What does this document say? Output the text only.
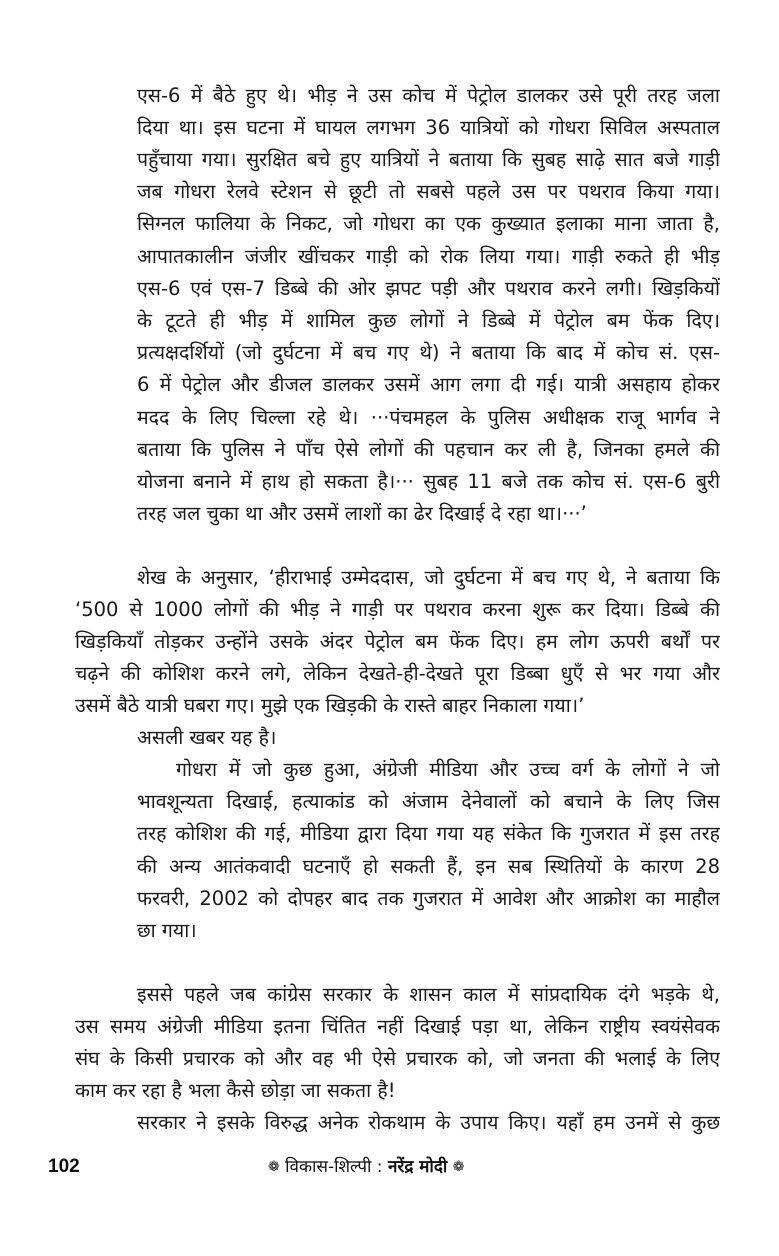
एस-6 में बैठे हुए थे। भीड़ ने उस कोच में पेट्रोल डालकर उसे पूरी तरह जला
दिया था। इस घटना में घायल लगभग 36 यात्रियों को गोधरा सिविल अस्पताल
पहुँचाया गया। सुरक्षित बचे हुए यात्रियों ने बताया कि सुबह साढ़े सात बजे गाड़ी
जब गोधरा रेलवे स्टेशन से छूटी तो सबसे पहले उस पर पथराव किया गया।
सिग्नल फालिया के निकट, जो गोधरा का एक कुख्यात इलाका माना जाता है,
आपातकालीन जंजीर खींचकर गाड़ी को रोक लिया गया। गाड़ी रुकते ही भीड़
एस-6 एवं एस-7 डिब्बे की ओर झपट पड़ी और पथराव करने लगी। खिड़कियों
के टूटते ही भीड़ में शामिल कुछ लोगों ने डिब्बे में पेट्रोल बम फेंक दिए।
प्रत्यक्षदर्शियों (जो दुर्घटना में बच गए थे) ने बताया कि बाद में कोच सं. एस-
6 में पेट्रोल और डीजल डालकर उसमें आग लगा दी गई। यात्री असहाय होकर
मदद के लिए चिल्ला रहे थे। ···पंचमहल के पुलिस अधीक्षक राजू भार्गव ने
बताया कि पुलिस ने पाँच ऐसे लोगों की पहचान कर ली है, जिनका हमले की
योजना बनाने में हाथ हो सकता है।··· सुबह 11 बजे तक कोच सं. एस-6 बुरी
तरह जल चुका था और उसमें लाशों का ढेर दिखाई दे रहा था।···’
शेख के अनुसार, ‘हीराभाई उम्मेददास, जो दुर्घटना में बच गए थे, ने बताया कि
‘500 से 1000 लोगों की भीड़ ने गाड़ी पर पथराव करना शुरू कर दिया। डिब्बे की
खिड़कियाँ तोड़कर उन्होंने उसके अंदर पेट्रोल बम फेंक दिए। हम लोग ऊपरी बर्थों पर
चढ़ने की कोशिश करने लगे, लेकिन देखते-ही-देखते पूरा डिब्बा धुएँ से भर गया और
उसमें बैठे यात्री घबरा गए। मुझे एक खिड़की के रास्ते बाहर निकाला गया।’
असली खबर यह है।
गोधरा में जो कुछ हुआ, अंग्रेजी मीडिया और उच्च वर्ग के लोगों ने जो
भावशून्यता दिखाई, हत्याकांड को अंजाम देनेवालों को बचाने के लिए जिस
तरह कोशिश की गई, मीडिया द्वारा दिया गया यह संकेत कि गुजरात में इस तरह
की अन्य आतंकवादी घटनाएँ हो सकती हैं, इन सब स्थितियों के कारण 28
फरवरी, 2002 को दोपहर बाद तक गुजरात में आवेश और आक्रोश का माहौल
छा गया।
इससे पहले जब कांग्रेस सरकार के शासन काल में सांप्रदायिक दंगे भड़के थे,
उस समय अंग्रेजी मीडिया इतना चिंतित नहीं दिखाई पड़ा था, लेकिन राष्ट्रीय स्वयंसेवक
संघ के किसी प्रचारक को और वह भी ऐसे प्रचारक को, जो जनता की भलाई के लिए
काम कर रहा है भला कैसे छोड़ा जा सकता है!
सरकार ने इसके विरुद्ध अनेक रोकथाम के उपाय किए। यहाँ हम उनमें से कुछ
102	❁ विकास-शिल्पी : नरेंद्र मोदी ❁
